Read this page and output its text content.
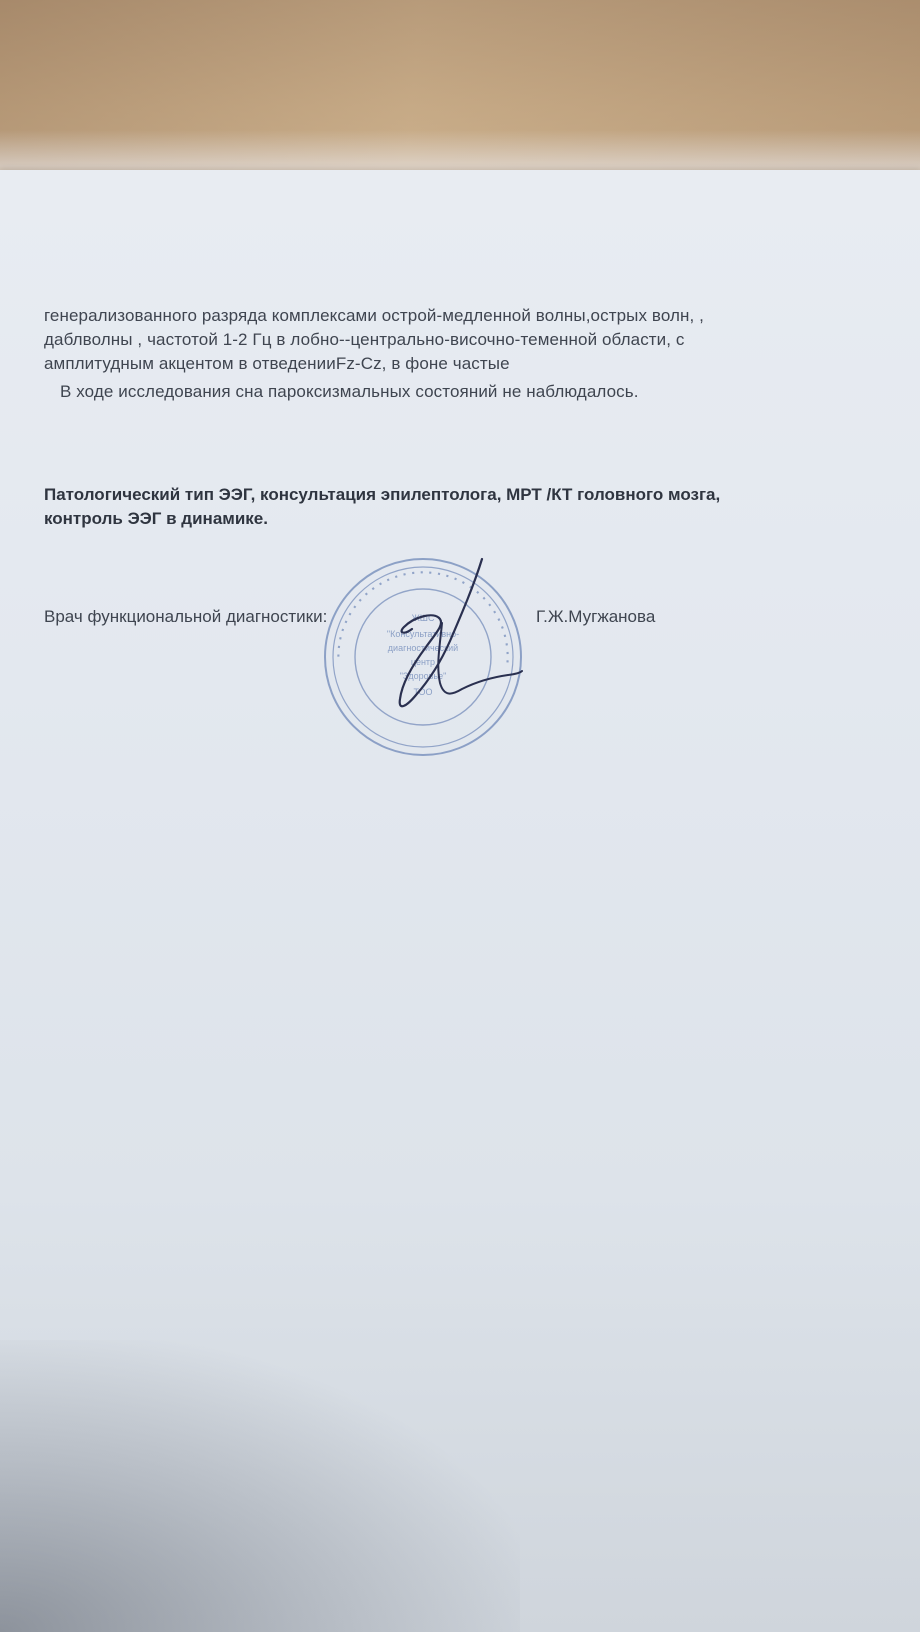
генерализованного разряда комплексами острой-медленной волны,острых волн, ,
даблволны , частотой 1-2 Гц в лобно--центрально-височно-теменной области, с
амплитудным акцентом в отведенииFz-Cz, в фоне частые
В ходе исследования сна пароксизмальных состояний не наблюдалось.
Патологический тип ЭЭГ, консультация эпилептолога, МРТ /КТ головного мозга,
контроль ЭЭГ в динамике.
▪ ▪ ▪ ▪ ▪ ▪ ▪ ▪ ▪ ▪ ▪ ▪ ▪ ▪ ▪ ▪ ▪ ▪ ▪ ▪ ▪ ▪ ▪ ▪ ▪ ▪ ▪ ▪ ▪ ▪ ▪ ▪
ЖШС
"Консультативно-
диагностический
центр
"Здоровье"
ТОО
Врач функциональной диагностики:	Г.Ж.Мугжанова
